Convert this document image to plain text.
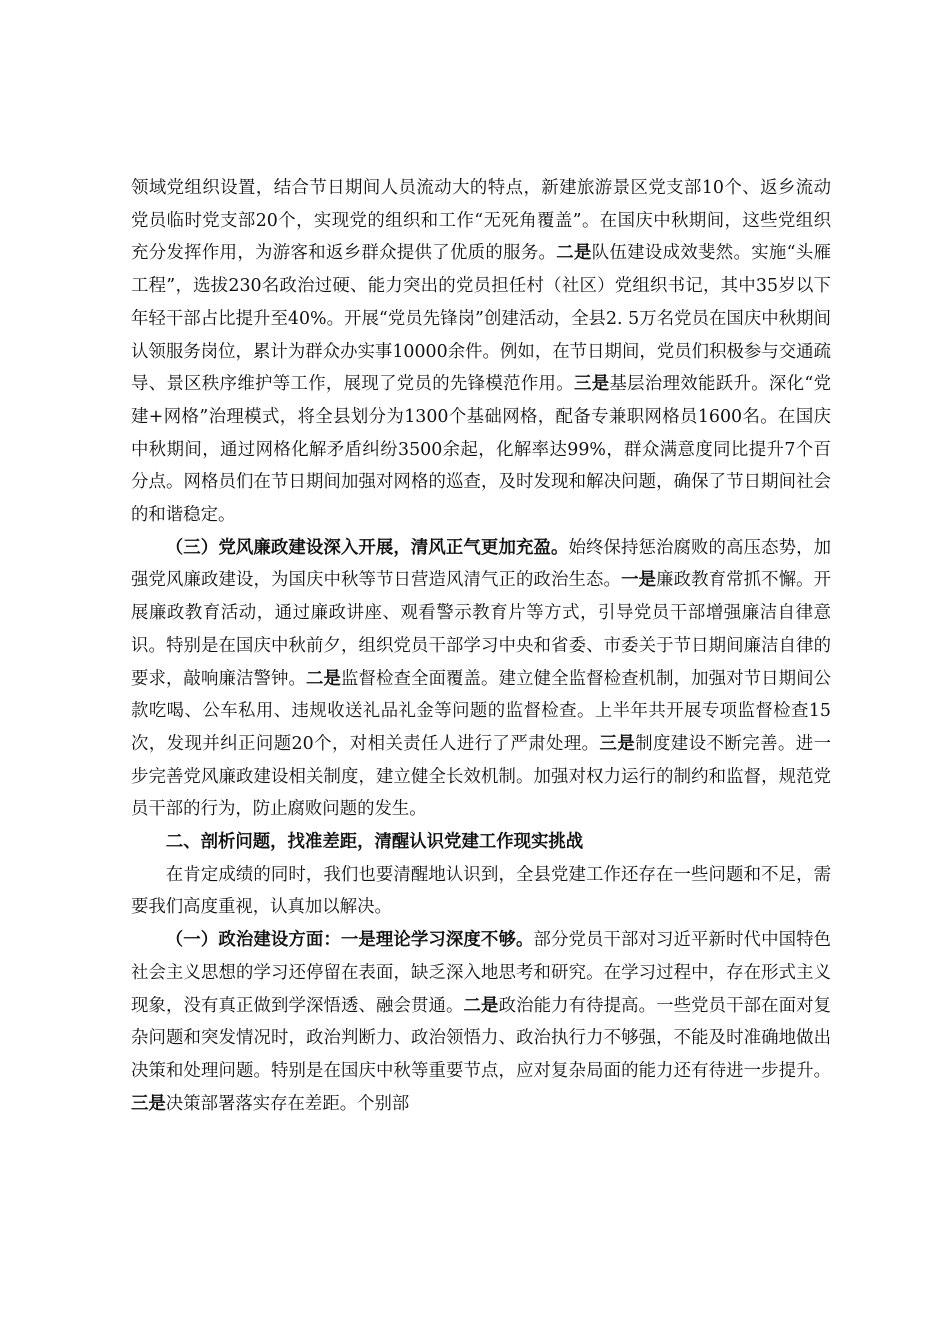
领域党组织设置，结合节日期间人员流动大的特点，新建旅游景区党支部10个、返乡流动党员临时党支部20个，实现党的组织和工作“无死角覆盖”。在国庆中秋期间，这些党组织充分发挥作用，为游客和返乡群众提供了优质的服务。二是队伍建设成效斐然。实施“头雁工程”，选拔230名政治过硬、能力突出的党员担任村（社区）党组织书记，其中35岁以下年轻干部占比提升至40%。开展“党员先锋岗”创建活动，全县2. 5万名党员在国庆中秋期间认领服务岗位，累计为群众办实事10000余件。例如，在节日期间，党员们积极参与交通疏导、景区秩序维护等工作，展现了党员的先锋模范作用。三是基层治理效能跃升。深化“党建+网格”治理模式，将全县划分为1300个基础网格，配备专兼职网格员1600名。在国庆中秋期间，通过网格化解矛盾纠纷3500余起，化解率达99%，群众满意度同比提升7个百分点。网格员们在节日期间加强对网格的巡查，及时发现和解决问题，确保了节日期间社会的和谐稳定。

（三）党风廉政建设深入开展，清风正气更加充盈。始终保持惩治腐败的高压态势，加强党风廉政建设，为国庆中秋等节日营造风清气正的政治生态。一是廉政教育常抓不懈。开展廉政教育活动，通过廉政讲座、观看警示教育片等方式，引导党员干部增强廉洁自律意识。特别是在国庆中秋前夕，组织党员干部学习中央和省委、市委关于节日期间廉洁自律的要求，敲响廉洁警钟。二是监督检查全面覆盖。建立健全监督检查机制，加强对节日期间公款吃喝、公车私用、违规收送礼品礼金等问题的监督检查。上半年共开展专项监督检查15次，发现并纠正问题20个，对相关责任人进行了严肃处理。三是制度建设不断完善。进一步完善党风廉政建设相关制度，建立健全长效机制。加强对权力运行的制约和监督，规范党员干部的行为，防止腐败问题的发生。

二、剖析问题，找准差距，清醒认识党建工作现实挑战

在肯定成绩的同时，我们也要清醒地认识到，全县党建工作还存在一些问题和不足，需要我们高度重视，认真加以解决。

（一）政治建设方面：一是理论学习深度不够。部分党员干部对习近平新时代中国特色社会主义思想的学习还停留在表面，缺乏深入地思考和研究。在学习过程中，存在形式主义现象，没有真正做到学深悟透、融会贯通。二是政治能力有待提高。一些党员干部在面对复杂问题和突发情况时，政治判断力、政治领悟力、政治执行力不够强，不能及时准确地做出决策和处理问题。特别是在国庆中秋等重要节点，应对复杂局面的能力还有待进一步提升。三是决策部署落实存在差距。个别部
